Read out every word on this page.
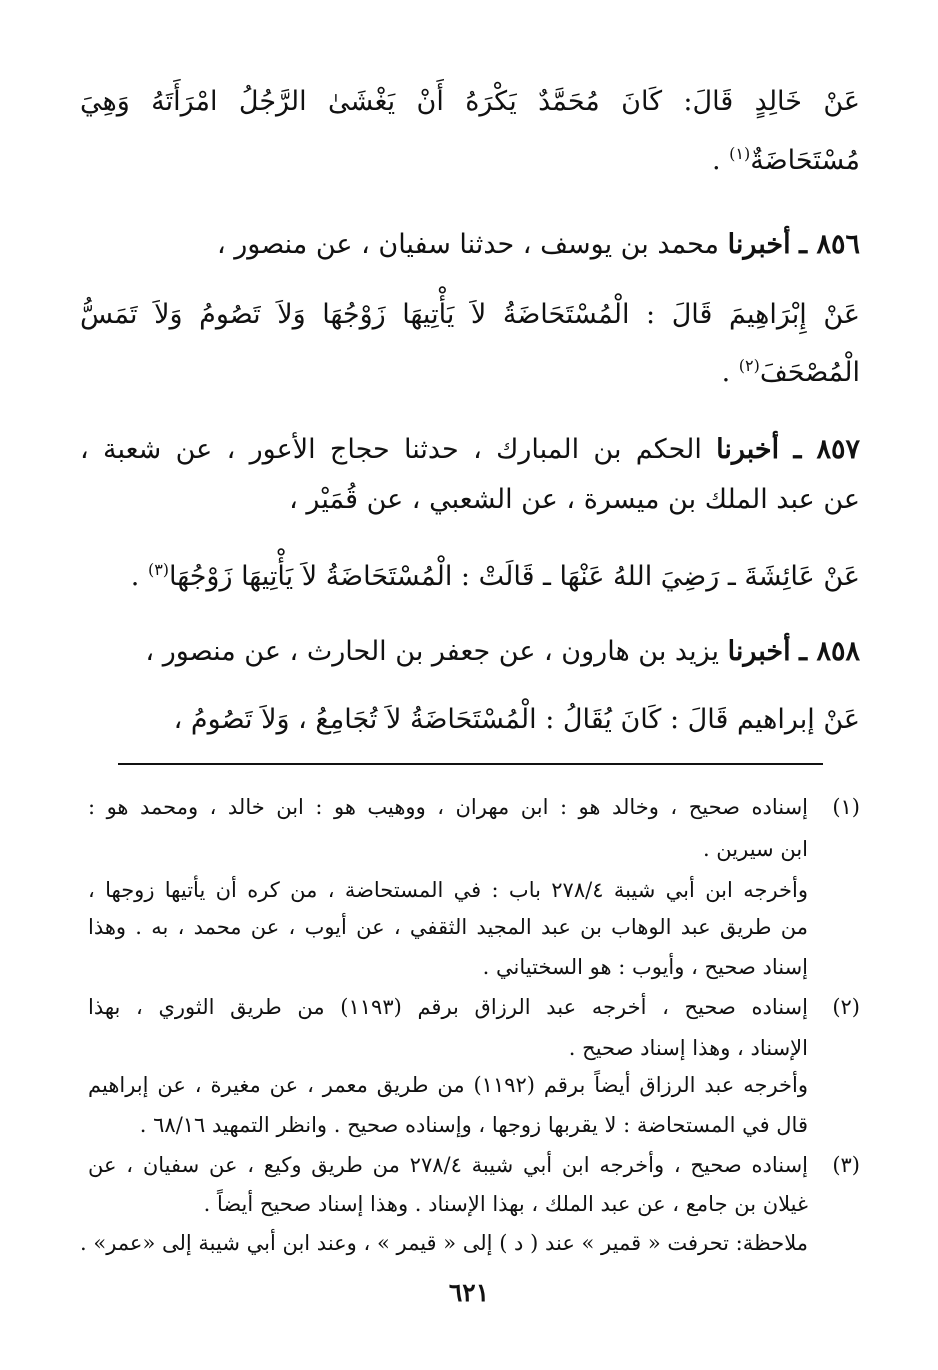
عَنْ خَالِدٍ قَالَ: كَانَ مُحَمَّدٌ يَكْرَهُ أَنْ يَغْشَىٰ الرَّجُلُ امْرَأَتَهُ وَهِيَ
مُسْتَحَاضَةٌ$^{(١)}$ .
٨٥٦ ـ أخبرنا محمد بن يوسف ، حدثنا سفيان ، عن منصور ،
عَنْ إِبْرَاهِيمَ قَالَ : الْمُسْتَحَاضَةُ لاَ يَأْتِيهَا زَوْجُهَا وَلاَ تَصُومُ وَلاَ تَمَسُّ
الْمُصْحَفَ$^{(٢)}$ .
٨٥٧ ـ أخبرنا الحكم بن المبارك ، حدثنا حجاج الأعور ، عن شعبة ،
عن عبد الملك بن ميسرة ، عن الشعبي ، عن قُمَيْر ،
عَنْ عَائِشَةَ ـ رَضِيَ اللهُ عَنْهَا ـ قَالَتْ : الْمُسْتَحَاضَةُ لاَ يَأْتِيهَا زَوْجُهَا$^{(٣)}$ .
٨٥٨ ـ أخبرنا يزيد بن هارون ، عن جعفر بن الحارث ، عن منصور ،
عَنْ إبراهيم قَالَ : كَانَ يُقَالُ : الْمُسْتَحَاضَةُ لاَ تُجَامِعُ ، وَلاَ تَصُومُ ،
(١)
إسناده صحيح ، وخالد هو : ابن مهران ، ووهيب هو : ابن خالد ، ومحمد هو :
ابن سيرين .
وأخرجه ابن أبي شيبة ٢٧٨/٤ باب : في المستحاضة ، من كره أن يأتيها زوجها ،
من طريق عبد الوهاب بن عبد المجيد الثقفي ، عن أيوب ، عن محمد ، به . وهذا
إسناد صحيح ، وأيوب : هو السختياني .
(٢)
إسناده صحيح ، أخرجه عبد الرزاق برقم (١١٩٣) من طريق الثوري ، بهذا
الإسناد ، وهذا إسناد صحيح .
وأخرجه عبد الرزاق أيضاً برقم (١١٩٢) من طريق معمر ، عن مغيرة ، عن إبراهيم
قال في المستحاضة : لا يقربها زوجها ، وإسناده صحيح . وانظر التمهيد ٦٨/١٦ .
(٣)
إسناده صحيح ، وأخرجه ابن أبي شيبة ٢٧٨/٤ من طريق وكيع ، عن سفيان ، عن
غيلان بن جامع ، عن عبد الملك ، بهذا الإسناد . وهذا إسناد صحيح أيضاً .
ملاحظة: تحرفت « قمير » عند ( د ) إلى « قيمر » ، وعند ابن أبي شيبة إلى «عمر» .
٦٢١
